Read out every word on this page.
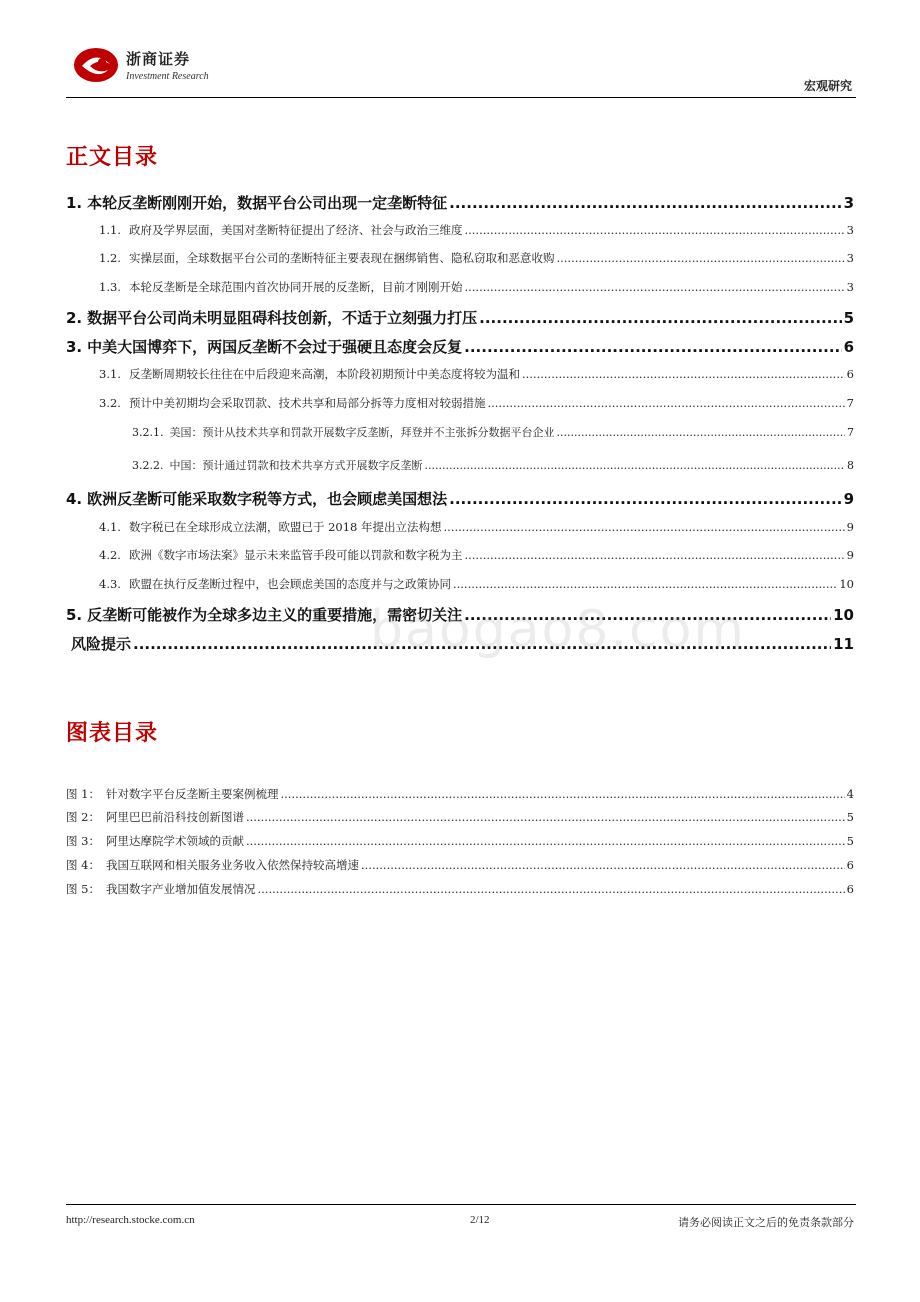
浙商证券
Investment Research
宏观研究
正文目录
1. 本轮反垄断刚刚开始，数据平台公司出现一定垄断特征 .....	3
1.1. 政府及学界层面，美国对垄断特征提出了经济、社会与政治三维度 .....	3
1.2. 实操层面，全球数据平台公司的垄断特征主要表现在捆绑销售、隐私窃取和恶意收购 .....	3
1.3. 本轮反垄断是全球范围内首次协同开展的反垄断，目前才刚刚开始 .....	3
2. 数据平台公司尚未明显阻碍科技创新，不适于立刻强力打压 .....	5
3. 中美大国博弈下，两国反垄断不会过于强硬且态度会反复 .....	6
3.1. 反垄断周期较长往往在中后段迎来高潮，本阶段初期预计中美态度将较为温和 .....	6
3.2. 预计中美初期均会采取罚款、技术共享和局部分拆等力度相对较弱措施 .....	7
3.2.1. 美国：预计从技术共享和罚款开展数字反垄断，拜登并不主张拆分数据平台企业 .....	7
3.2.2. 中国：预计通过罚款和技术共享方式开展数字反垄断 .....	8
4. 欧洲反垄断可能采取数字税等方式，也会顾虑美国想法 .....	9
4.1. 数字税已在全球形成立法潮，欧盟已于 2018 年提出立法构想 .....	9
4.2. 欧洲《数字市场法案》显示未来监管手段可能以罚款和数字税为主 .....	9
4.3. 欧盟在执行反垄断过程中，也会顾虑美国的态度并与之政策协同 .....	10
5. 反垄断可能被作为全球多边主义的重要措施，需密切关注 .....	10
风险提示 .....	11
baogao8.com
图表目录
图 1： 针对数字平台反垄断主要案例梳理 .....	4
图 2： 阿里巴巴前沿科技创新图谱 .....	5
图 3： 阿里达摩院学术领域的贡献 .....	5
图 4： 我国互联网和相关服务业务收入依然保持较高增速 .....	6
图 5： 我国数字产业增加值发展情况 .....	6
http://research.stocke.com.cn	2/12	请务必阅读正文之后的免责条款部分
